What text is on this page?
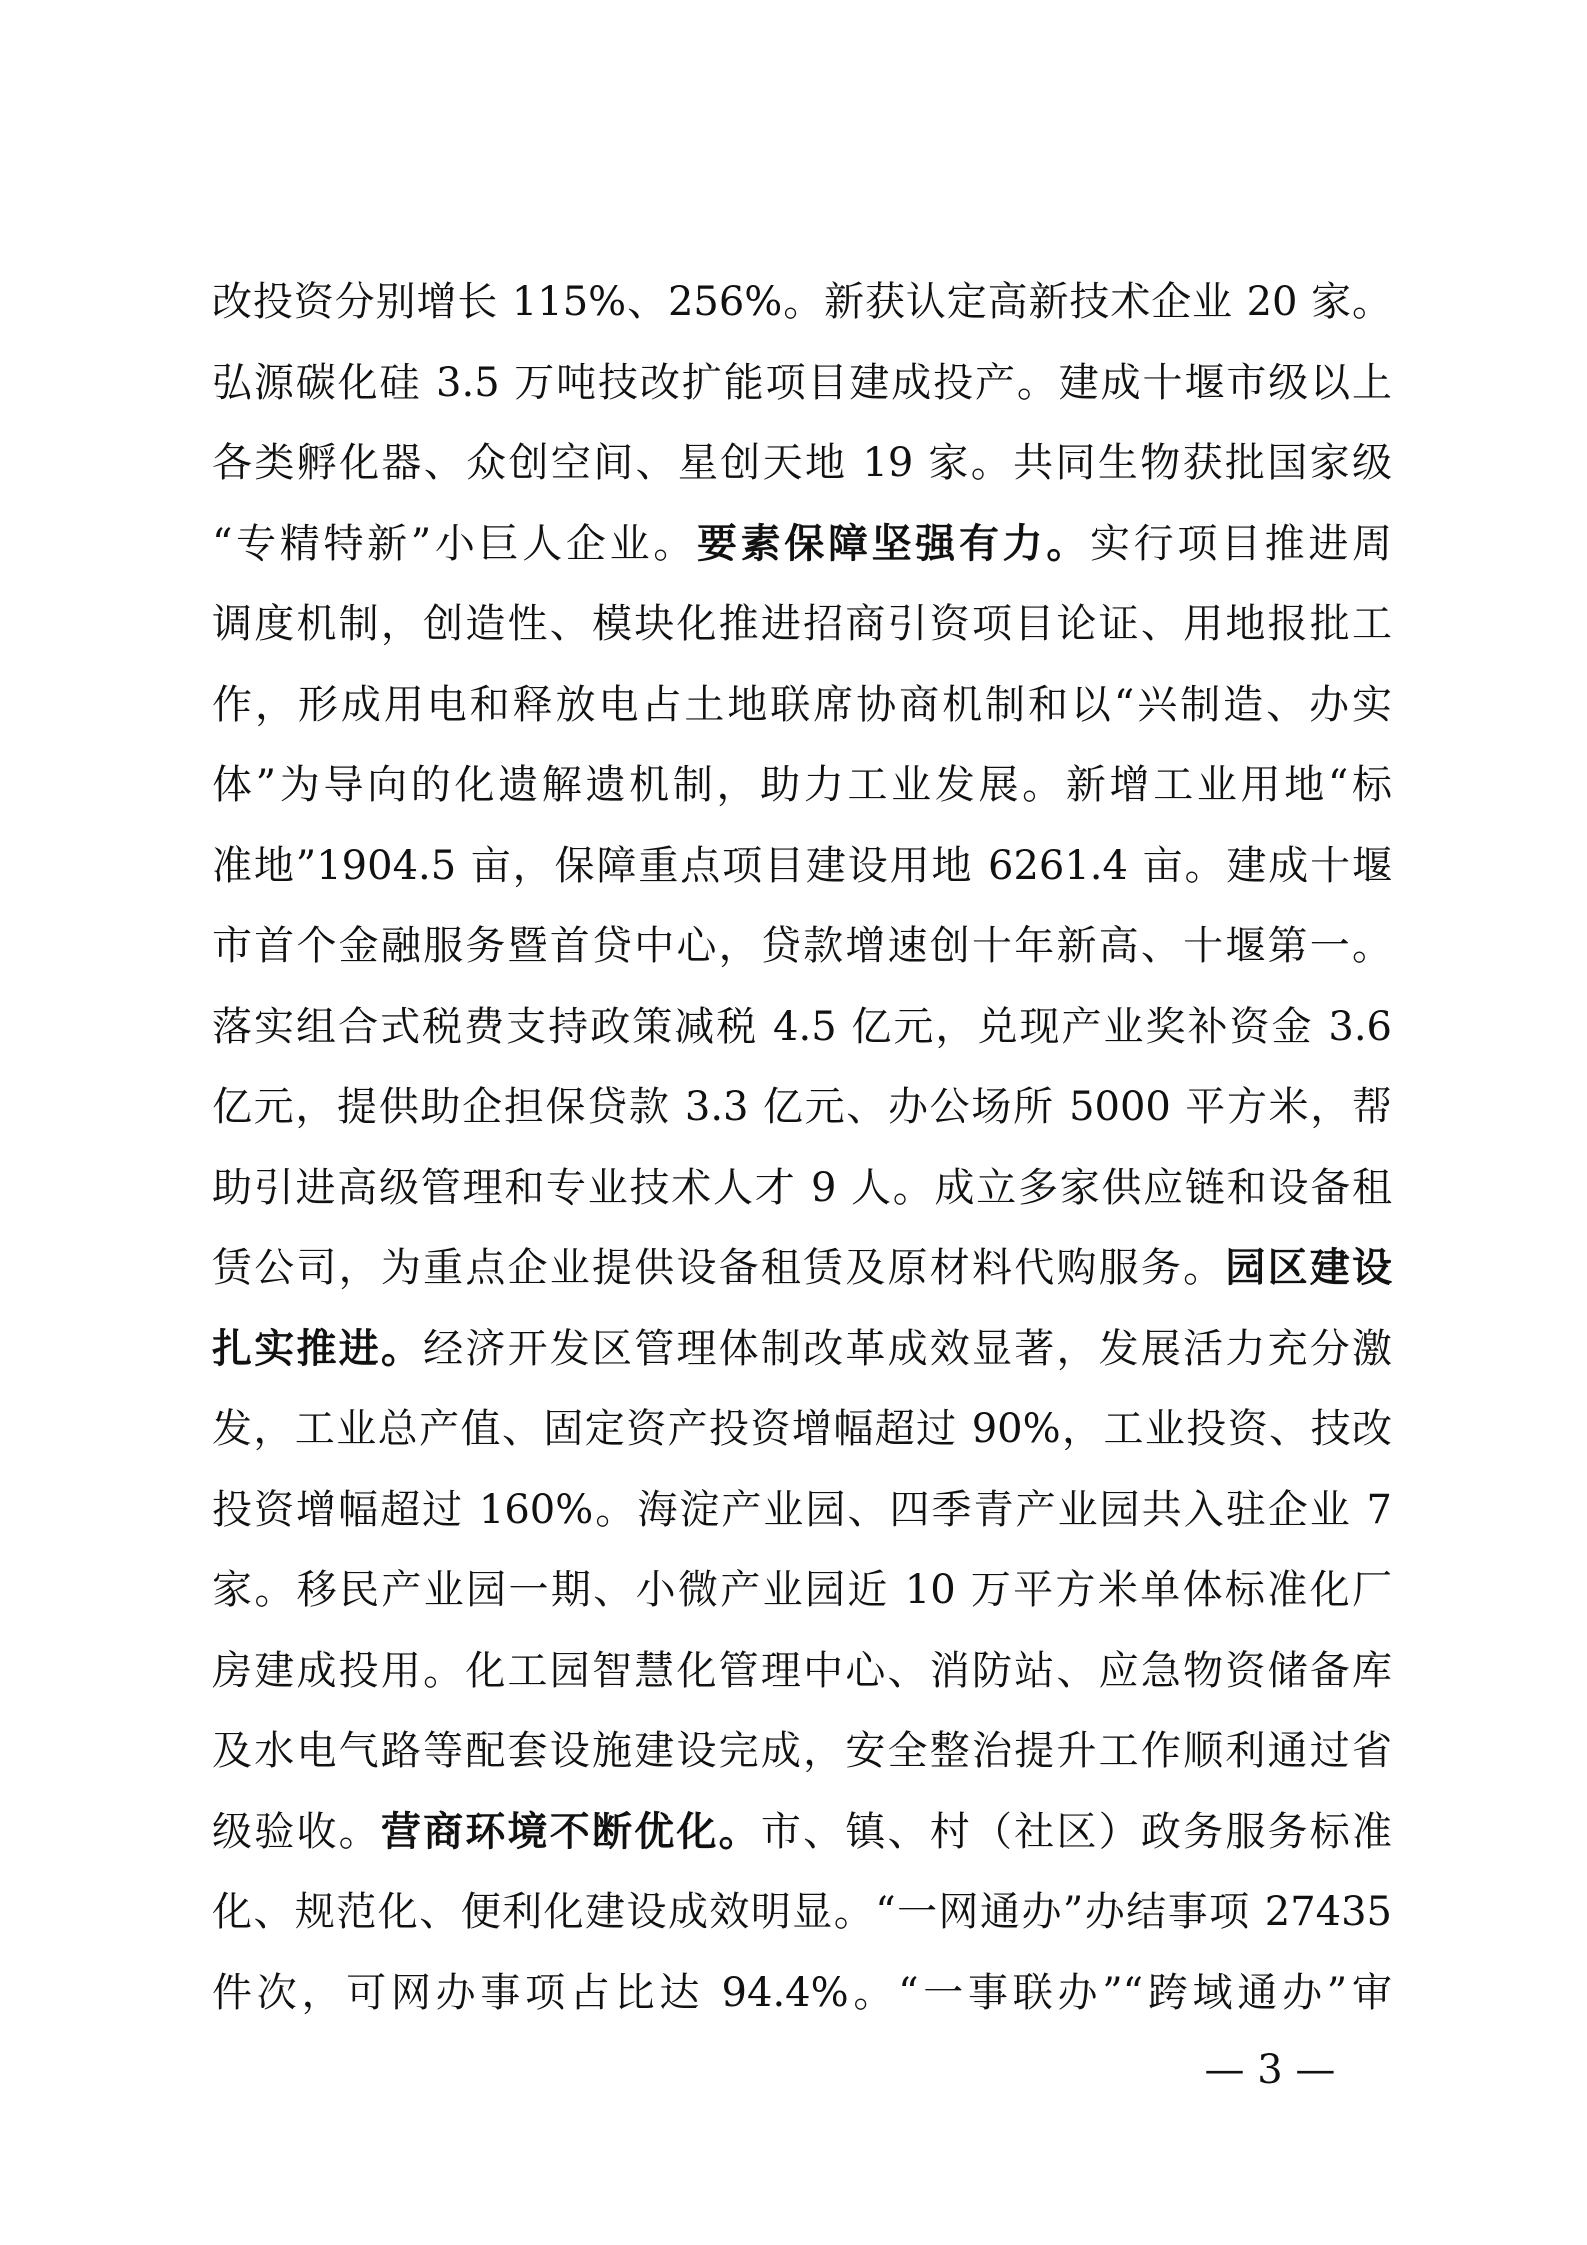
改投资分别增长 115%、256%。新获认定高新技术企业 20 家。
弘源碳化硅 3.5 万吨技改扩能项目建成投产。建成十堰市级以上
各类孵化器、众创空间、星创天地 19 家。共同生物获批国家级
“专精特新”小巨人企业。要素保障坚强有力。实行项目推进周
调度机制，创造性、模块化推进招商引资项目论证、用地报批工
作，形成用电和释放电占土地联席协商机制和以“兴制造、办实
体”为导向的化遗解遗机制，助力工业发展。新增工业用地“标
准地”1904.5 亩，保障重点项目建设用地 6261.4 亩。建成十堰
市首个金融服务暨首贷中心，贷款增速创十年新高、十堰第一。
落实组合式税费支持政策减税 4.5 亿元，兑现产业奖补资金 3.6
亿元，提供助企担保贷款 3.3 亿元、办公场所 5000 平方米，帮
助引进高级管理和专业技术人才 9 人。成立多家供应链和设备租
赁公司，为重点企业提供设备租赁及原材料代购服务。园区建设
扎实推进。经济开发区管理体制改革成效显著，发展活力充分激
发，工业总产值、固定资产投资增幅超过 90%，工业投资、技改
投资增幅超过 160%。海淀产业园、四季青产业园共入驻企业 7
家。移民产业园一期、小微产业园近 10 万平方米单体标准化厂
房建成投用。化工园智慧化管理中心、消防站、应急物资储备库
及水电气路等配套设施建设完成，安全整治提升工作顺利通过省
级验收。营商环境不断优化。市、镇、村（社区）政务服务标准
化、规范化、便利化建设成效明显。“一网通办”办结事项 27435
件次，可网办事项占比达 94.4%。“一事联办”“跨域通办”审
— 3 —
